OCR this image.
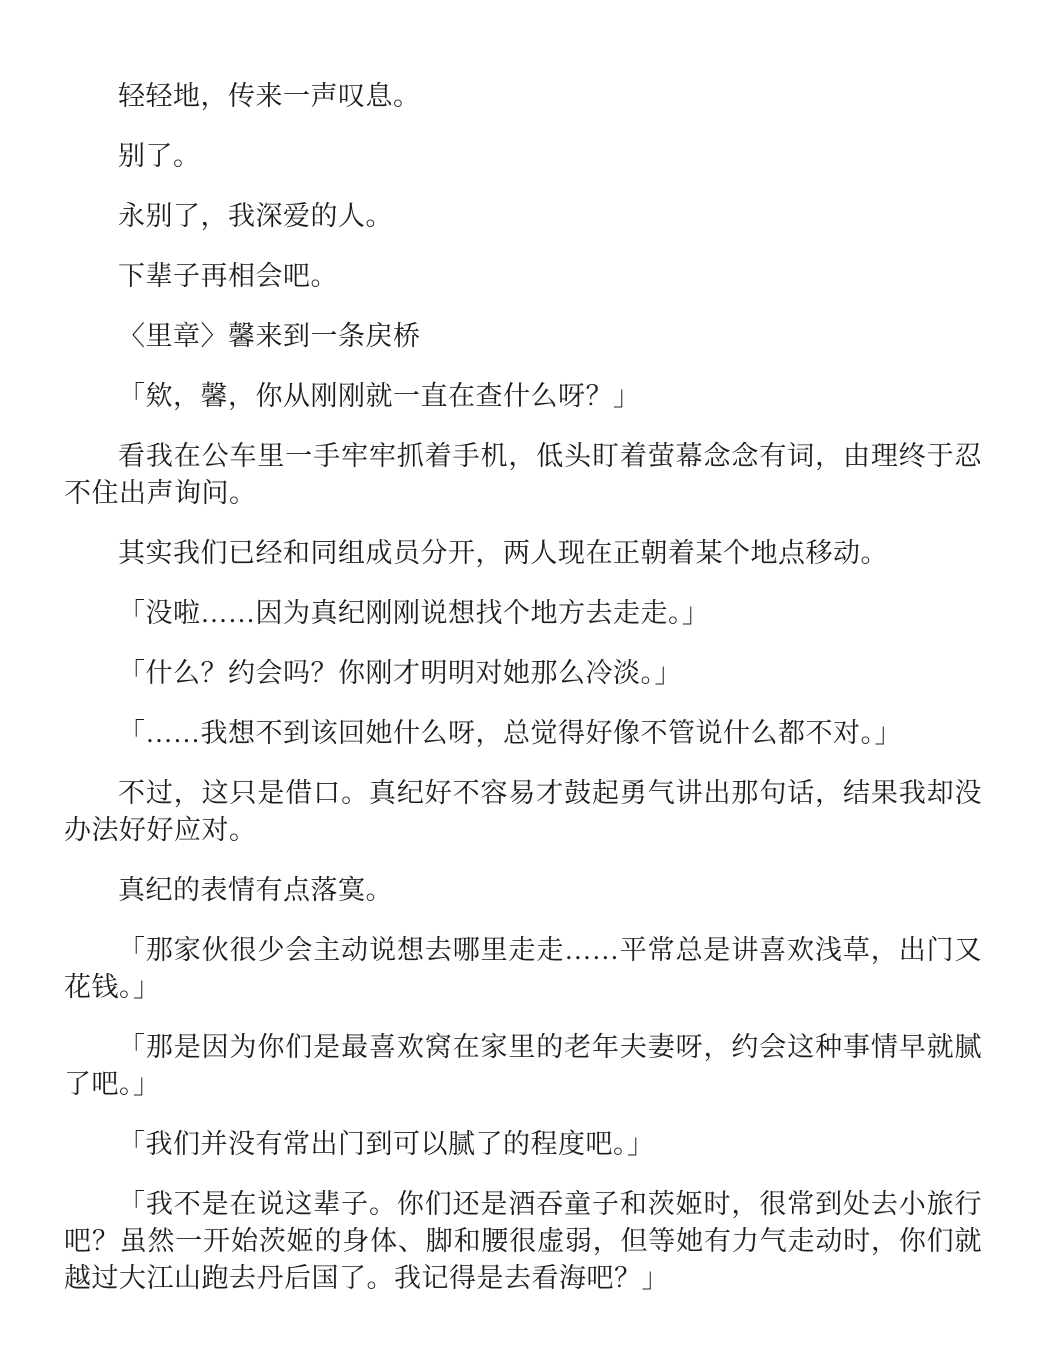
轻轻地，传来一声叹息。

别了。

永别了，我深爱的人。

下辈子再相会吧。

〈里章〉馨来到一条戻桥

「欸，馨，你从刚刚就一直在查什么呀？」

看我在公车里一手牢牢抓着手机，低头盯着萤幕念念有词，由理终于忍不住出声询问。

其实我们已经和同组成员分开，两人现在正朝着某个地点移动。

「没啦……因为真纪刚刚说想找个地方去走走。」

「什么？约会吗？你刚才明明对她那么冷淡。」

「……我想不到该回她什么呀，总觉得好像不管说什么都不对。」

不过，这只是借口。真纪好不容易才鼓起勇气讲出那句话，结果我却没办法好好应对。

真纪的表情有点落寞。

「那家伙很少会主动说想去哪里走走……平常总是讲喜欢浅草，出门又花钱。」

「那是因为你们是最喜欢窝在家里的老年夫妻呀，约会这种事情早就腻了吧。」

「我们并没有常出门到可以腻了的程度吧。」

「我不是在说这辈子。你们还是酒吞童子和茨姬时，很常到处去小旅行吧？虽然一开始茨姬的身体、脚和腰很虚弱，但等她有力气走动时，你们就越过大江山跑去丹后国了。我记得是去看海吧？」
